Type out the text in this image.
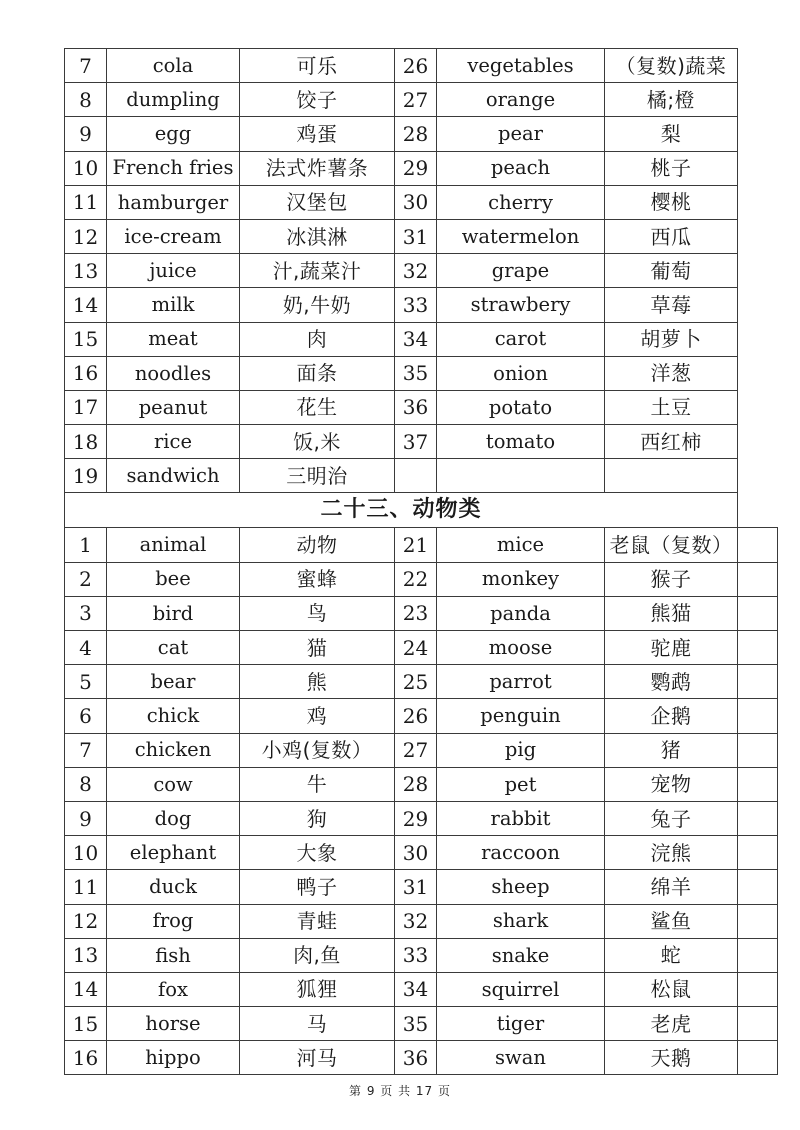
7	cola	可乐	26	vegetables	（复数)蔬菜	
8	dumpling	饺子	27	orange	橘;橙	
9	egg	鸡蛋	28	pear	梨	
10	French fries	法式炸薯条	29	peach	桃子	
11	hamburger	汉堡包	30	cherry	樱桃	
12	ice-cream	冰淇淋	31	watermelon	西瓜	
13	juice	汁,蔬菜汁	32	grape	葡萄	
14	milk	奶,牛奶	33	strawbery	草莓	
15	meat	肉	34	carot	胡萝卜	
16	noodles	面条	35	onion	洋葱	
17	peanut	花生	36	potato	土豆	
18	rice	饭,米	37	tomato	西红柿	
19	sandwich	三明治				
二十三、动物类						
1	animal	动物	21	mice	老鼠（复数）	
2	bee	蜜蜂	22	monkey	猴子	
3	bird	鸟	23	panda	熊猫	
4	cat	猫	24	moose	驼鹿	
5	bear	熊	25	parrot	鹦鹉	
6	chick	鸡	26	penguin	企鹅	
7	chicken	小鸡(复数）	27	pig	猪	
8	cow	牛	28	pet	宠物	
9	dog	狗	29	rabbit	兔子	
10	elephant	大象	30	raccoon	浣熊	
11	duck	鸭子	31	sheep	绵羊	
12	frog	青蛙	32	shark	鲨鱼	
13	fish	肉,鱼	33	snake	蛇	
14	fox	狐狸	34	squirrel	松鼠	
15	horse	马	35	tiger	老虎	
16	hippo	河马	36	swan	天鹅	
第 9 页 共 17 页
